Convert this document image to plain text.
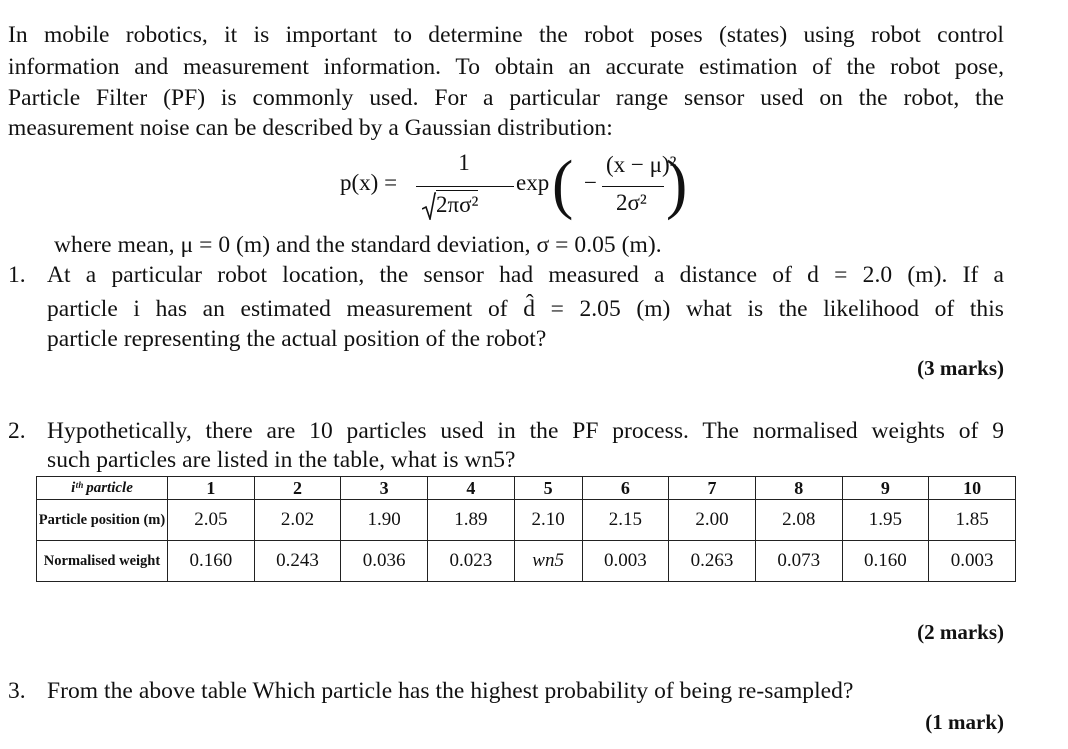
In mobile robotics, it is important to determine the robot poses (states) using robot control
information and measurement information. To obtain an accurate estimation of the robot pose,
Particle Filter (PF) is commonly used. For a particular range sensor used on the robot, the
measurement noise can be described by a Gaussian distribution:
p(x) =
1
2πσ²
exp ( −
(x − μ)²
2σ² )
where mean, μ = 0 (m) and the standard deviation, σ = 0.05 (m).
1. At a particular robot location, the sensor had measured a distance of d = 2.0 (m). If a
particle i has an estimated measurement of d̂ = 2.05 (m) what is the likelihood of this
particle representing the actual position of the robot?
(3 marks)
2. Hypothetically, there are 10 particles used in the PF process. The normalised weights of 9
such particles are listed in the table, what is wn5?
iᵗʰ particle	1	2	3	4	5	6	7	8	9	10
Particle position (m)	2.05	2.02	1.90	1.89	2.10	2.15	2.00	2.08	1.95	1.85
Normalised weight	0.160	0.243	0.036	0.023	wn5	0.003	0.263	0.073	0.160	0.003
(2 marks)
3. From the above table Which particle has the highest probability of being re-sampled?
(1 mark)
